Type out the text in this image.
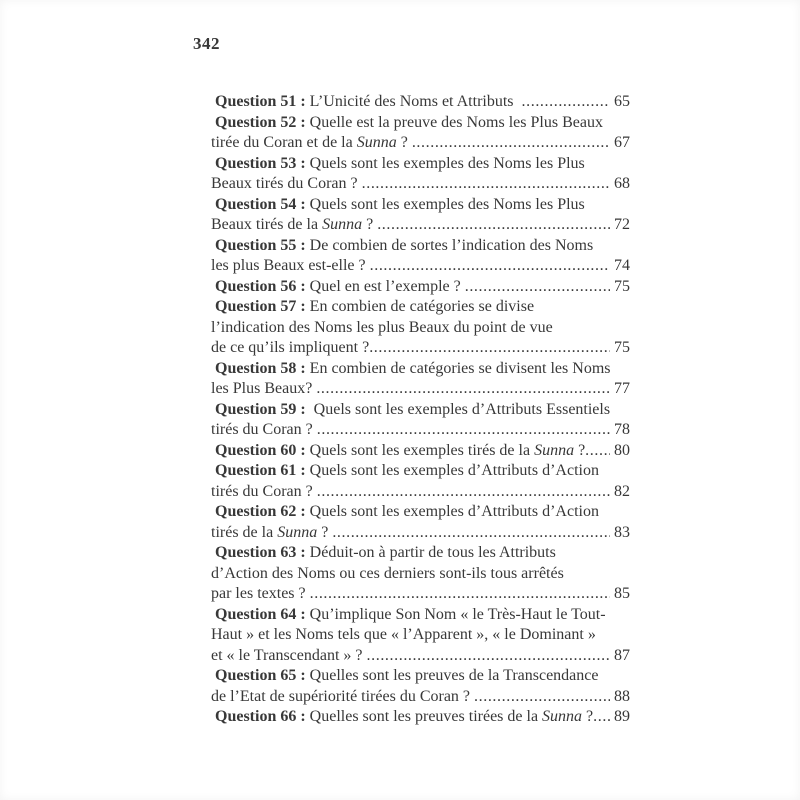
342
Question 51 : L’Unicité des Noms et Attributs .....	65
Question 52 : Quelle est la preuve des Noms les Plus Beaux
tirée du Coran et de la Sunna ? .....	67
Question 53 : Quels sont les exemples des Noms les Plus
Beaux tirés du Coran ? .....	68
Question 54 : Quels sont les exemples des Noms les Plus
Beaux tirés de la Sunna ? .....	72
Question 55 : De combien de sortes l’indication des Noms
les plus Beaux est-elle ? .....	74
Question 56 : Quel en est l’exemple ? .....	75
Question 57 : En combien de catégories se divise
l’indication des Noms les plus Beaux du point de vue
de ce qu’ils impliquent ? .....	75
Question 58 : En combien de catégories se divisent les Noms
les Plus Beaux? .....	77
Question 59 :  Quels sont les exemples d’Attributs Essentiels
tirés du Coran ? .....	78
Question 60 : Quels sont les exemples tirés de la Sunna ? ..... 80
Question 61 : Quels sont les exemples d’Attributs d’Action
tirés du Coran ? .....	82
Question 62 : Quels sont les exemples d’Attributs d’Action
tirés de la Sunna ? .....	83
Question 63 : Déduit-on à partir de tous les Attributs
d’Action des Noms ou ces derniers sont-ils tous arrêtés
par les textes ? .....	85
Question 64 : Qu’implique Son Nom « le Très-Haut le Tout-
Haut » et les Noms tels que « l’Apparent », « le Dominant »
et « le Transcendant » ? .....	87
Question 65 : Quelles sont les preuves de la Transcendance
de l’Etat de supériorité tirées du Coran ? .....	88
Question 66 : Quelles sont les preuves tirées de la Sunna ? ..... 89
